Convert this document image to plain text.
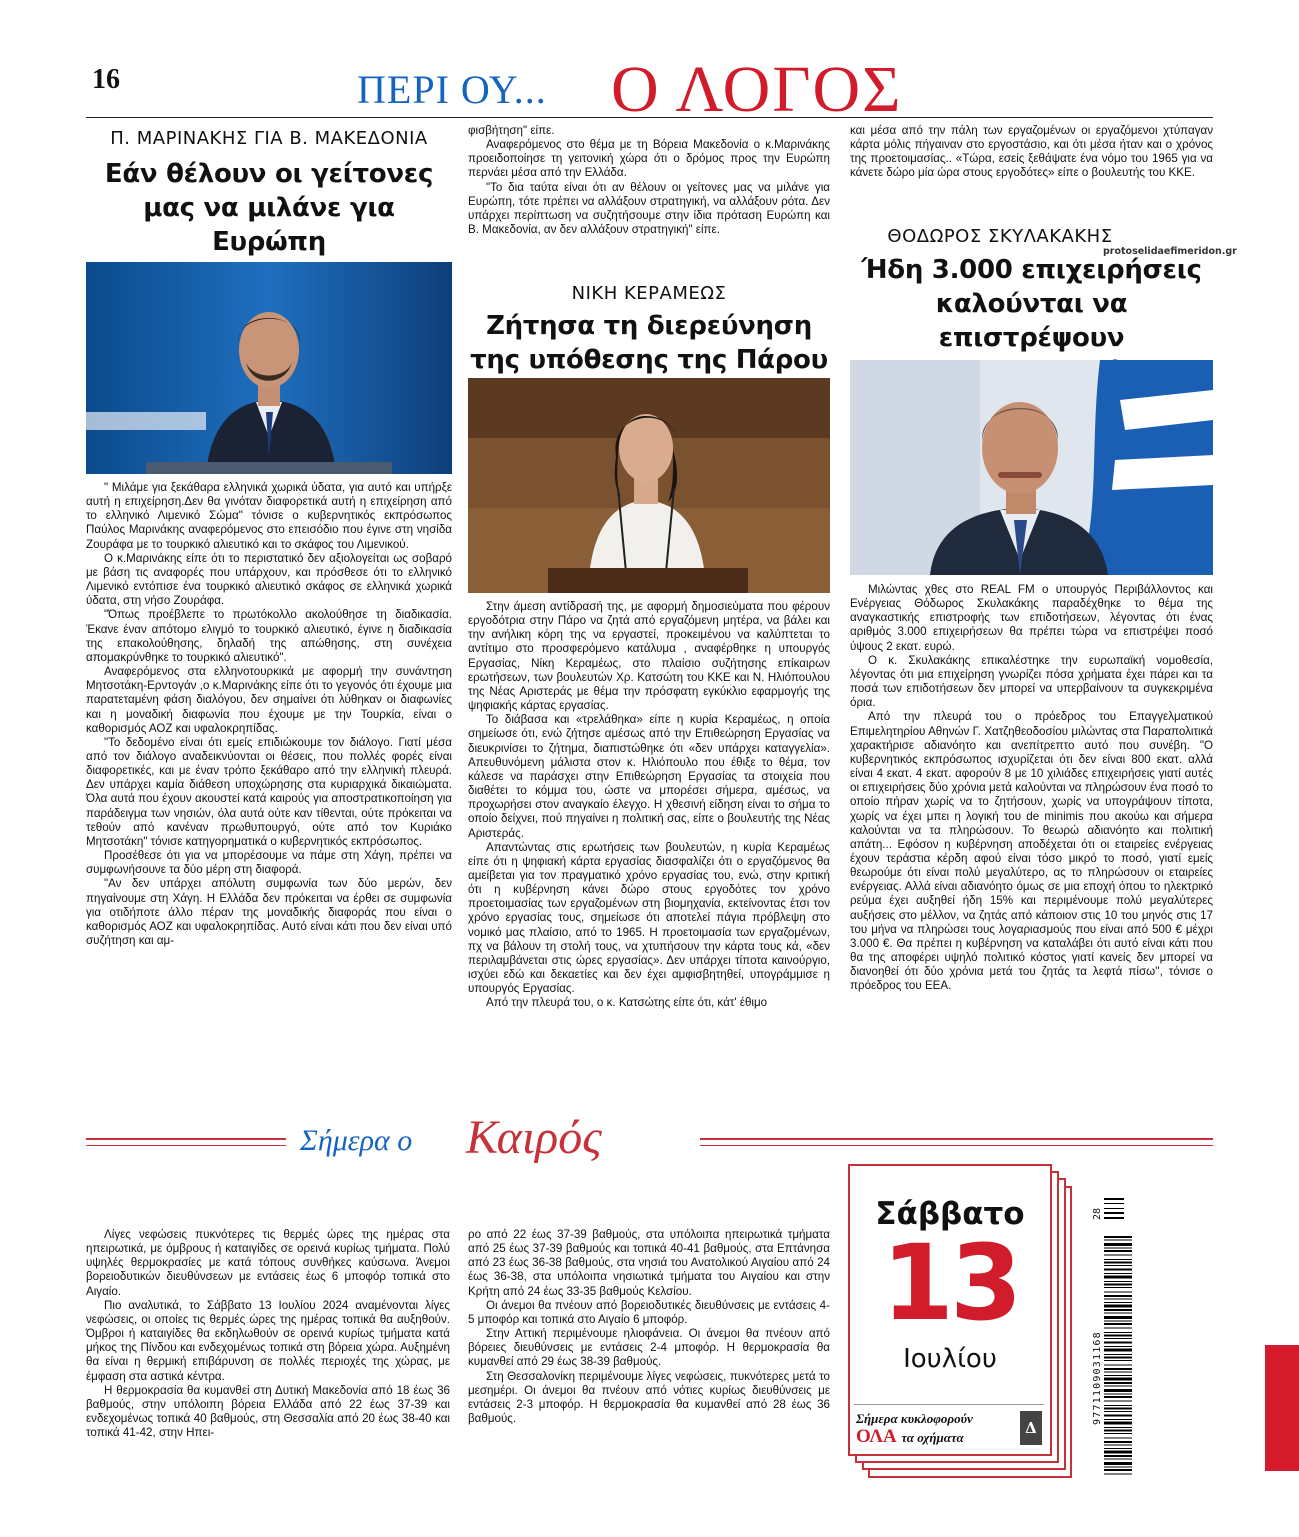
16	ΠΕΡΙ ΟΥ... Ο ΛΟΓΟΣ
Π. ΜΑΡΙΝΑΚΗΣ ΓΙΑ Β. ΜΑΚΕΔΟΝΙΑ
Εάν θέλουν οι γείτονες
μας να μιλάνε για Ευρώπη

" Μιλάμε για ξεκάθαρα ελληνικά χωρικά ύδατα, για αυτό και υπήρξε αυτή η επιχείρηση.Δεν θα γινόταν διαφορετικά αυτή η επιχείρηση από το ελληνικό Λιμενικό Σώμα" τόνισε ο κυβερνητικός εκπρόσωπος Παύλος Μαρινάκης αναφερόμενος στο επεισόδιο που έγινε στη νησίδα Ζουράφα με το τουρκικό αλιευτικό και το σκάφος του Λιμενικού.

Ο κ.Μαρινάκης είπε ότι το περιστατικό δεν αξιολογείται ως σοβαρό με βάση τις αναφορές που υπάρχουν, και πρόσθεσε ότι το ελληνικό Λιμενικό εντόπισε ένα τουρκικό αλιευτικό σκάφος σε ελληνικά χωρικά ύδατα, στη νήσο Ζουράφα.

"Όπως προέβλεπε το πρωτόκολλο ακολούθησε τη διαδικασία. Έκανε έναν απότομο ελιγμό το τουρκικό αλιευτικό, έγινε η διαδικασία της επακολούθησης, δηλαδή της απώθησης, στη συνέχεια απομακρύνθηκε το τουρκικό αλιευτικό".

Αναφερόμενος στα ελληνοτουρκικά με αφορμή την συνάντηση Μητσοτάκη-Ερντογάν ,ο κ.Μαρινάκης είπε ότι το γεγονός ότι έχουμε μια παρατεταμένη φάση διαλόγου, δεν σημαίνει ότι λύθηκαν οι διαφωνίες και η μοναδική διαφωνία που έχουμε με την Τουρκία, είναι ο καθορισμός ΑΟΖ και υφαλοκρηπίδας.

"Το δεδομένο είναι ότι εμείς επιδιώκουμε τον διάλογο. Γιατί μέσα από τον διάλογο αναδεικνύονται οι θέσεις, που πολλές φορές είναι διαφορετικές, και με έναν τρόπο ξεκάθαρο από την ελληνική πλευρά. Δεν υπάρχει καμία διάθεση υποχώρησης στα κυριαρχικά δικαιώματα. Όλα αυτά που έχουν ακουστεί κατά καιρούς για αποστρατικοποίηση για παράδειγμα των νησιών, όλα αυτά ούτε καν τίθενται, ούτε πρόκειται να τεθούν από κανέναν πρωθυπουργό, ούτε από τον Κυριάκο Μητσοτάκη" τόνισε κατηγορηματικά ο κυβερνητικός εκπρόσωπος.

Προσέθεσε ότι για να μπορέσουμε να πάμε στη Χάγη, πρέπει να συμφωνήσουνε τα δύο μέρη στη διαφορά.

"Αν δεν υπάρχει απόλυτη συμφωνία των δύο μερών, δεν πηγαίνουμε στη Χάγη. Η Ελλάδα δεν πρόκειται να έρθει σε συμφωνία για οτιδήποτε άλλο πέραν της μοναδικής διαφοράς που είναι ο καθορισμός ΑΟΖ και υφαλοκρηπίδας. Αυτό είναι κάτι που δεν είναι υπό συζήτηση και αμ-

φισβήτηση" είπε.

Αναφερόμενος στο θέμα με τη Βόρεια Μακεδονία ο κ.Μαρινάκης προειδοποίησε τη γειτονική χώρα ότι ο δρόμος προς την Ευρώπη περνάει μέσα από την Ελλάδα.

"Το δια ταύτα είναι ότι αν θέλουν οι γείτονες μας να μιλάνε για Ευρώπη, τότε πρέπει να αλλάξουν στρατηγική, να αλλάξουν ρότα. Δεν υπάρχει περίπτωση να συζητήσουμε στην ίδια πρόταση Ευρώπη και Β. Μακεδονία, αν δεν αλλάξουν στρατηγική" είπε.

ΝΙΚΗ ΚΕΡΑΜΕΩΣ
Ζήτησα τη διερεύνηση
της υπόθεσης της Πάρου

Στην άμεση αντίδρασή της, με αφορμή δημοσιεύματα που φέρουν εργοδότρια στην Πάρο να ζητά από εργαζόμενη μητέρα, να βάλει και την ανήλικη κόρη της να εργαστεί, προκειμένου να καλύπτεται το αντίτιμο στο προσφερόμενο κατάλυμα , αναφέρθηκε η υπουργός Εργασίας, Νίκη Κεραμέως, στο πλαίσιο συζήτησης επίκαιρων ερωτήσεων, των βουλευτών Χρ. Κατσώτη του ΚΚΕ και Ν. Ηλιόπουλου της Νέας Αριστεράς με θέμα την πρόσφατη εγκύκλιο εφαρμογής της ψηφιακής κάρτας εργασίας.

Το διάβασα και «τρελάθηκα» είπε η κυρία Κεραμέως, η οποία σημείωσε ότι, ενώ ζήτησε αμέσως από την Επιθεώρηση Εργασίας να διευκρινίσει το ζήτημα, διαπιστώθηκε ότι «δεν υπάρχει καταγγελία». Απευθυνόμενη μάλιστα στον κ. Ηλιόπουλο που έθιξε το θέμα, τον κάλεσε να παράσχει στην Επιθεώρηση Εργασίας τα στοιχεία που διαθέτει το κόμμα του, ώστε να μπορέσει σήμερα, αμέσως, να προχωρήσει στον αναγκαίο έλεγχο. Η χθεσινή είδηση είναι το σήμα το οποίο δείχνει, πού πηγαίνει η πολιτική σας, είπε ο βουλευτής της Νέας Αριστεράς.

Απαντώντας στις ερωτήσεις των βουλευτών, η κυρία Κεραμέως είπε ότι η ψηφιακή κάρτα εργασίας διασφαλίζει ότι ο εργαζόμενος θα αμείβεται για τον πραγματικό χρόνο εργασίας του, ενώ, στην κριτική ότι η κυβέρνηση κάνει δώρο στους εργοδότες τον χρόνο προετοιμασίας των εργαζομένων στη βιομηχανία, εκτείνοντας έτσι τον χρόνο εργασίας τους, σημείωσε ότι αποτελεί πάγια πρόβλεψη στο νομικό μας πλαίσιο, από το 1965. Η προετοιμασία των εργαζομένων, πχ να βάλουν τη στολή τους, να χτυπήσουν την κάρτα τους κά, «δεν περιλαμβάνεται στις ώρες εργασίας». Δεν υπάρχει τίποτα καινούργιο, ισχύει εδώ και δεκαετίες και δεν έχει αμφισβητηθεί, υπογράμμισε η υπουργός Εργασίας.

Από την πλευρά του, ο κ. Κατσώτης είπε ότι, κάτ' έθιμο

και μέσα από την πάλη των εργαζομένων οι εργαζόμενοι χτύπαγαν κάρτα μόλις πήγαιναν στο εργοστάσιο, και ότι μέσα ήταν και ο χρόνος της προετοιμασίας.. «Τώρα, εσείς ξεθάψατε ένα νόμο του 1965 για να κάνετε δώρο μία ώρα στους εργοδότες» είπε ο βουλευτής του ΚΚΕ.

ΘΟΔΩΡΟΣ ΣΚΥΛΑΚΑΚΗΣ
protoselidaefimeridon.gr
Ήδη 3.000 επιχειρήσεις
καλούνται να επιστρέψουν

Μιλώντας χθες στο REAL FM ο υπουργός Περιβάλλοντος και Ενέργειας Θόδωρος Σκυλακάκης παραδέχθηκε το θέμα της αναγκαστικής επιστροφής των επιδοτήσεων, λέγοντας ότι ένας αριθμός 3.000 επιχειρήσεων θα πρέπει τώρα να επιστρέψει ποσό ύψους 2 εκατ. ευρώ.

Ο κ. Σκυλακάκης επικαλέστηκε την ευρωπαϊκή νομοθεσία, λέγοντας ότι μια επιχείρηση γνωρίζει πόσα χρήματα έχει πάρει και τα ποσά των επιδοτήσεων δεν μπορεί να υπερβαίνουν τα συγκεκριμένα όρια.

Από την πλευρά του ο πρόεδρος του Επαγγελματικού Επιμελητηρίου Αθηνών Γ. Χατζηθεοδοσίου μιλώντας στα Παραπολιτικά χαρακτήρισε αδιανόητο και ανεπίτρεπτο αυτό που συνέβη. "Ο κυβερνητικός εκπρόσωπος ισχυρίζεται ότι δεν είναι 800 εκατ. αλλά είναι 4 εκατ. 4 εκατ. αφορούν 8 με 10 χιλιάδες επιχειρήσεις γιατί αυτές οι επιχειρήσεις δύο χρόνια μετά καλούνται να πληρώσουν ένα ποσό το οποίο πήραν χωρίς να το ζητήσουν, χωρίς να υπογράψουν τίποτα, χωρίς να έχει μπει η λογική του de minimis που ακούω και σήμερα καλούνται να τα πληρώσουν. Το θεωρώ αδιανόητο και πολιτική απάτη... Εφόσον η κυβέρνηση αποδέχεται ότι οι εταιρείες ενέργειας έχουν τεράστια κέρδη αφού είναι τόσο μικρό το ποσό, γιατί εμείς θεωρούμε ότι είναι πολύ μεγαλύτερο, ας το πληρώσουν οι εταιρείες ενέργειας. Αλλά είναι αδιανόητο όμως σε μια εποχή όπου το ηλεκτρικό ρεύμα έχει αυξηθεί ήδη 15% και περιμένουμε πολύ μεγαλύτερες αυξήσεις στο μέλλον, να ζητάς από κάποιον στις 10 του μηνός στις 17 του μήνα να πληρώσει τους λογαριασμούς που είναι από 500 € μέχρι 3.000 €. Θα πρέπει η κυβέρνηση να καταλάβει ότι αυτό είναι κάτι που θα της αποφέρει υψηλό πολιτικό κόστος γιατί κανείς δεν μπορεί να διανοηθεί ότι δύο χρόνια μετά του ζητάς τα λεφτά πίσω'', τόνισε ο πρόεδρος του ΕΕΑ.

Σήμερα ο Καιρός

Λίγες νεφώσεις πυκνότερες τις θερμές ώρες της ημέρας στα ηπειρωτικά, με όμβρους ή καταιγίδες σε ορεινά κυρίως τμήματα. Πολύ υψηλές θερμοκρασίες με κατά τόπους συνθήκες καύσωνα. Άνεμοι βορειοδυτικών διευθύνσεων με εντάσεις έως 6 μποφόρ τοπικά στο Αιγαίο.

Πιο αναλυτικά, το Σάββατο 13 Ιουλίου 2024 αναμένονται λίγες νεφώσεις, οι οποίες τις θερμές ώρες της ημέρας τοπικά θα αυξηθούν. Όμβροι ή καταιγίδες θα εκδηλωθούν σε ορεινά κυρίως τμήματα κατά μήκος της Πίνδου και ενδεχομένως τοπικά στη βόρεια χώρα. Αυξημένη θα είναι η θερμική επιβάρυνση σε πολλές περιοχές της χώρας, με έμφαση στα αστικά κέντρα.

Η θερμοκρασία θα κυμανθεί στη Δυτική Μακεδονία από 18 έως 36 βαθμούς, στην υπόλοιπη βόρεια Ελλάδα από 22 έως 37-39 και ενδεχομένως τοπικά 40 βαθμούς, στη Θεσσαλία από 20 έως 38-40 και τοπικά 41-42, στην Ηπει-

ρο από 22 έως 37-39 βαθμούς, στα υπόλοιπα ηπειρωτικά τμήματα από 25 έως 37-39 βαθμούς και τοπικά 40-41 βαθμούς, στα Επτάνησα από 23 έως 36-38 βαθμούς, στα νησιά του Ανατολικού Αιγαίου από 24 έως 36-38, στα υπόλοιπα νησιωτικά τμήματα του Αιγαίου και στην Κρήτη από 24 έως 33-35 βαθμούς Κελσίου.

Οι άνεμοι θα πνέουν από βορειοδυτικές διευθύνσεις με εντάσεις 4-5 μποφόρ και τοπικά στο Αιγαίο 6 μποφόρ.

Στην Αττική περιμένουμε ηλιοφάνεια. Οι άνεμοι θα πνέουν από βόρειες διευθύνσεις με εντάσεις 2-4 μποφόρ. Η θερμοκρασία θα κυμανθεί από 29 έως 38-39 βαθμούς.

Στη Θεσσαλονίκη περιμένουμε λίγες νεφώσεις, πυκνότερες μετά το μεσημέρι. Οι άνεμοι θα πνέουν από νότιες κυρίως διευθύνσεις με εντάσεις 2-3 μποφόρ. Η θερμοκρασία θα κυμανθεί από 28 έως 36 βαθμούς.

Σάββατο
13
Ιουλίου
Σήμερα κυκλοφορούν
ΟΛΑ τα οχήματα
Δ
28
9771109031168
